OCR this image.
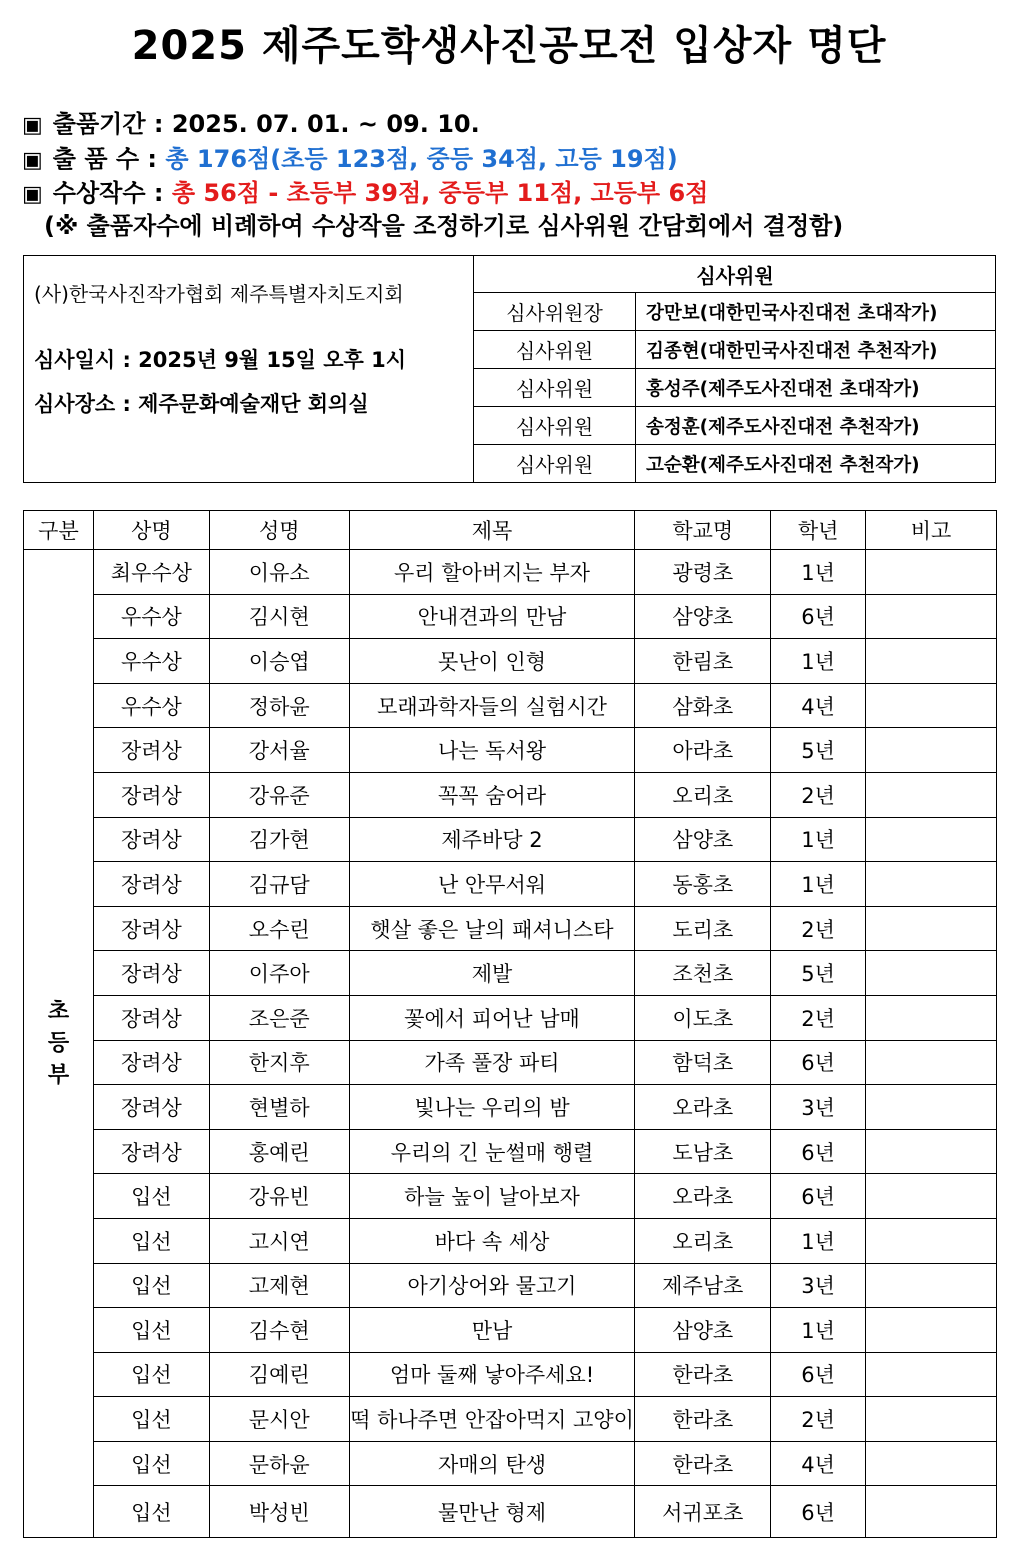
2025 제주도학생사진공모전 입상자 명단
▣ 출품기간 : 2025. 07. 01. ~ 09. 10.
▣ 출 품 수 : 총 176점(초등 123점, 중등 34점, 고등 19점)
▣ 수상작수 : 총 56점 - 초등부 39점, 중등부 11점, 고등부 6점
(※ 출품자수에 비례하여 수상작을 조정하기로 심사위원 간담회에서 결정함)
(사)한국사진작가협회 제주특별자치도지회
심사일시 : 2025년 9월 15일 오후 1시
심사장소 : 제주문화예술재단 회의실
심사위원	
심사위원장	강만보(대한민국사진대전 초대작가)
심사위원	김종현(대한민국사진대전 추천작가)
심사위원	홍성주(제주도사진대전 초대작가)
심사위원	송정훈(제주도사진대전 추천작가)
심사위원	고순환(제주도사진대전 추천작가)
구분	상명	성명	제목	학교명	학년	비고

초
등
부	최우수상	이유소	우리 할아버지는 부자	광령초	1년	
	우수상	김시현	안내견과의 만남	삼양초	6년	
	우수상	이승엽	못난이 인형	한림초	1년	
	우수상	정하윤	모래과학자들의 실험시간	삼화초	4년	
	장려상	강서율	나는 독서왕	아라초	5년	
	장려상	강유준	꼭꼭 숨어라	오리초	2년	
	장려상	김가현	제주바당 2	삼양초	1년	
	장려상	김규담	난 안무서워	동홍초	1년	
	장려상	오수린	햇살 좋은 날의 패셔니스타	도리초	2년	
	장려상	이주아	제발	조천초	5년	
	장려상	조은준	꽃에서 피어난 남매	이도초	2년	
	장려상	한지후	가족 풀장 파티	함덕초	6년	
	장려상	현별하	빛나는 우리의 밤	오라초	3년	
	장려상	홍예린	우리의 긴 눈썰매 행렬	도남초	6년	
	입선	강유빈	하늘 높이 날아보자	오라초	6년	
	입선	고시연	바다 속 세상	오리초	1년	
	입선	고제현	아기상어와 물고기	제주남초	3년	
	입선	김수현	만남	삼양초	1년	
	입선	김예린	엄마 둘째 낳아주세요!	한라초	6년	
	입선	문시안	떡 하나주면 안잡아먹지 고양이	한라초	2년	
	입선	문하윤	자매의 탄생	한라초	4년	
	입선	박성빈	물만난 형제	서귀포초	6년	
